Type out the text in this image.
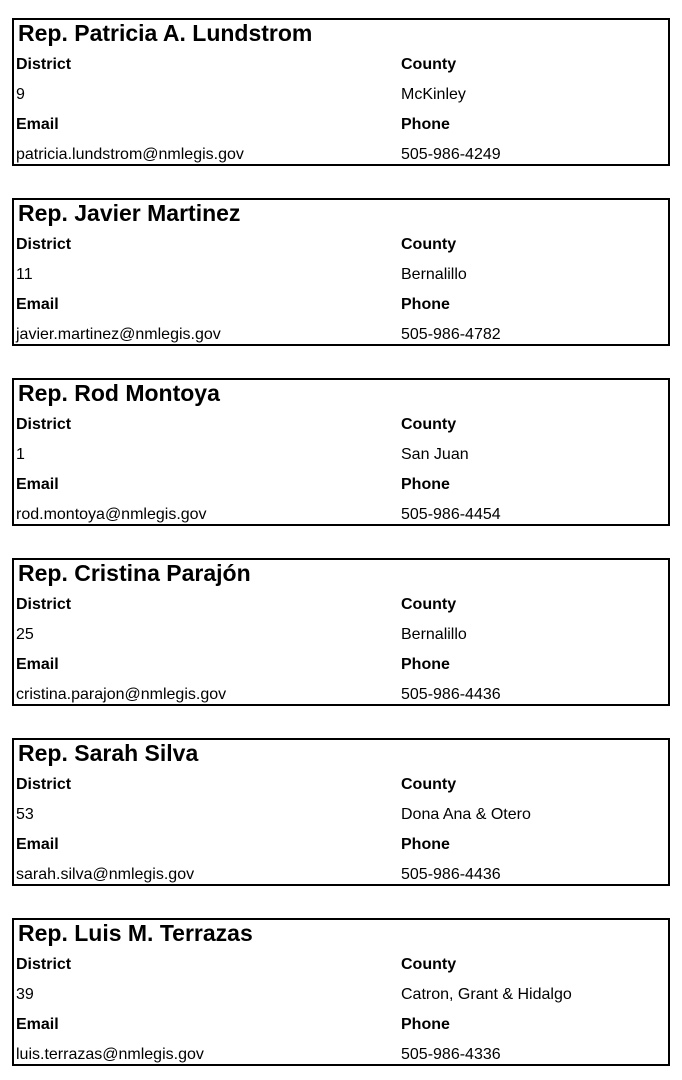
Rep. Patricia A. Lundstrom
District	County
9	McKinley
Email	Phone
patricia.lundstrom@nmlegis.gov	505-986-4249
Rep. Javier Martinez
District	County
11	Bernalillo
Email	Phone
javier.martinez@nmlegis.gov	505-986-4782
Rep. Rod Montoya
District	County
1	San Juan
Email	Phone
rod.montoya@nmlegis.gov	505-986-4454
Rep. Cristina Parajón
District	County
25	Bernalillo
Email	Phone
cristina.parajon@nmlegis.gov	505-986-4436
Rep. Sarah Silva
District	County
53	Dona Ana & Otero
Email	Phone
sarah.silva@nmlegis.gov	505-986-4436
Rep. Luis M. Terrazas
District	County
39	Catron, Grant & Hidalgo
Email	Phone
luis.terrazas@nmlegis.gov	505-986-4336
